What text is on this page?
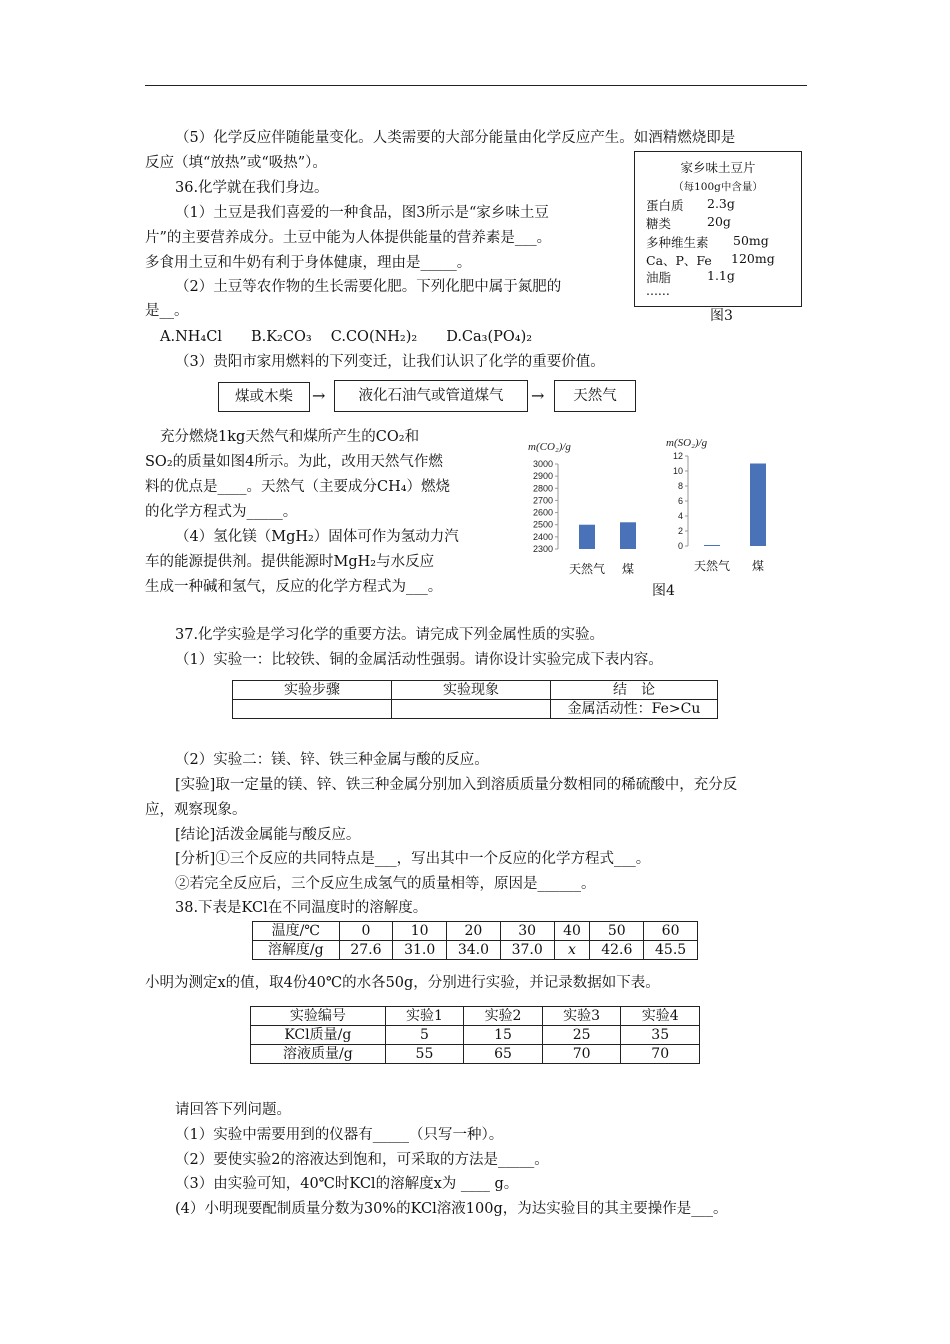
（5）化学反应伴随能量变化。人类需要的大部分能量由化学反应产生。如酒精燃烧即是
反应（填“放热”或“吸热”）。
36.化学就在我们身边。
（1）土豆是我们喜爱的一种食品，图3所示是“家乡味土豆
片”的主要营养成分。土豆中能为人体提供能量的营养素是___。
多食用土豆和牛奶有利于身体健康，理由是_____。
（2）土豆等农作物的生长需要化肥。下列化肥中属于氮肥的
是__。
A.NH₄Cl　　B.K₂CO₃　 C.CO(NH₂)₂　　D.Ca₃(PO₄)₂
（3）贵阳市家用燃料的下列变迁，让我们认识了化学的重要价值。
家乡味土豆片
（每100g中含量）
蛋白质 2.3g
糖类	20g
多种维生素 50mg
Ca、P、Fe 120mg
油脂	1.1g
......
图3
煤或木柴	→	液化石油气或管道煤气	→	天然气
充分燃烧1kg天然气和煤所产生的CO₂和
SO₂的质量如图4所示。为此，改用天然气作燃
料的优点是____。天然气（主要成分CH₄）燃烧
的化学方程式为_____。
（4）氢化镁（MgH₂）固体可作为氢动力汽
车的能源提供剂。提供能源时MgH₂与水反应
生成一种碱和氢气，反应的化学方程式为___。
m(CO₂)/g
2300
2400
2500
2600
2700
2800
2900
3000
天然气 煤
m(SO₂)/g
0
2
4
6
8
10
12
天然气 煤
图4
37.化学实验是学习化学的重要方法。请完成下列金属性质的实验。
（1）实验一：比较铁、铜的金属活动性强弱。请你设计实验完成下表内容。
实验步骤	实验现象	结　论
		金属活动性：Fe>Cu
（2）实验二：镁、锌、铁三种金属与酸的反应。
[实验]取一定量的镁、锌、铁三种金属分别加入到溶质质量分数相同的稀硫酸中，充分反
应，观察现象。
[结论]活泼金属能与酸反应。
[分析]①三个反应的共同特点是___，写出其中一个反应的化学方程式___。
②若完全反应后，三个反应生成氢气的质量相等，原因是______。
38.下表是KCl在不同温度时的溶解度。
温度/℃	0	10	20	30	40	50	60
溶解度/g	27.6	31.0	34.0	37.0	x	42.6	45.5
小明为测定x的值，取4份40℃的水各50g，分别进行实验，并记录数据如下表。
实验编号	实验1	实验2	实验3	实验4
KCl质量/g	5	15	25	35
溶液质量/g	55	65	70	70
请回答下列问题。
（1）实验中需要用到的仪器有_____（只写一种）。
（2）要使实验2的溶液达到饱和，可采取的方法是_____。
（3）由实验可知，40℃时KCl的溶解度x为 ____ g。
(4）小明现要配制质量分数为30%的KCl溶液100g，为达实验目的其主要操作是___。
